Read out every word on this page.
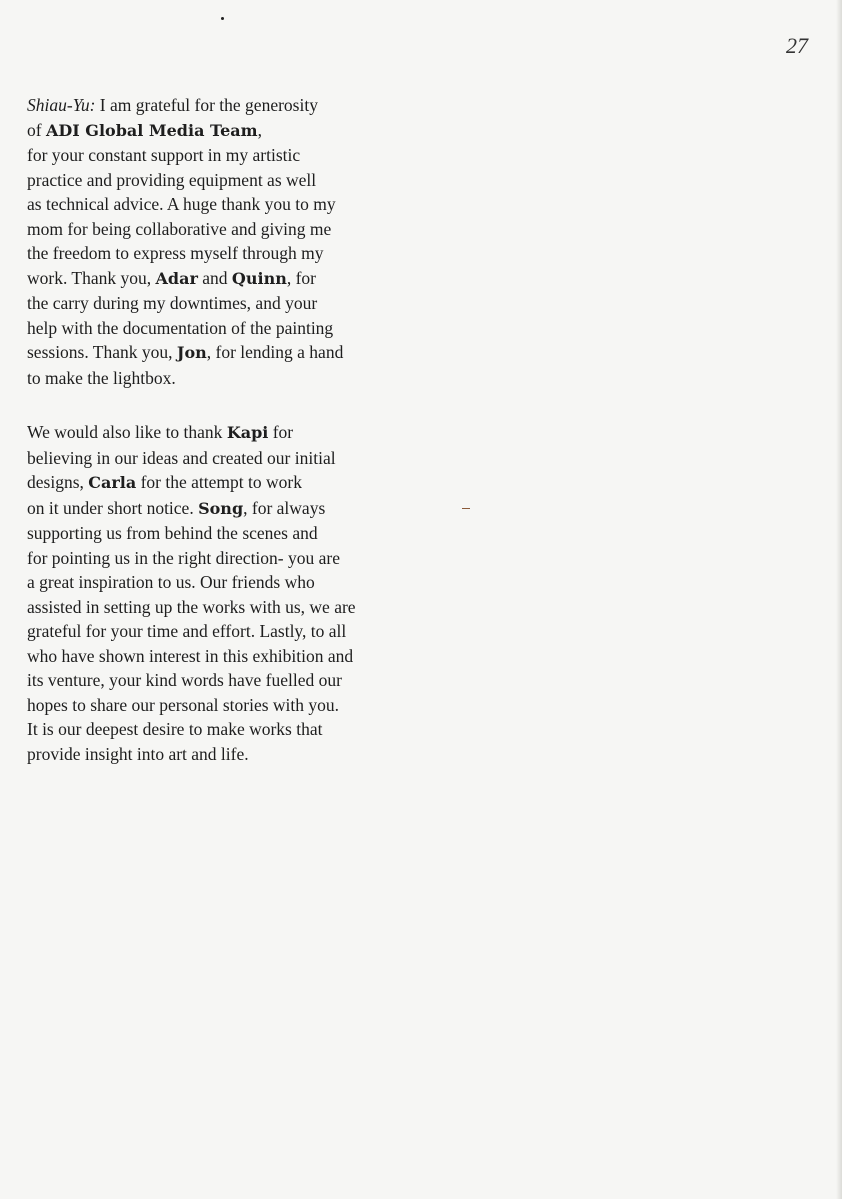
27
Shiau-Yu: I am grateful for the generosity
of ADI Global Media Team,
for your constant support in my artistic
practice and providing equipment as well
as technical advice. A huge thank you to my
mom for being collaborative and giving me
the freedom to express myself through my
work. Thank you, Adar and Quinn, for
the carry during my downtimes, and your
help with the documentation of the painting
sessions. Thank you, Jon, for lending a hand
to make the lightbox.
We would also like to thank Kapi for
believing in our ideas and created our initial
designs, Carla for the attempt to work
on it under short notice. Song, for always
supporting us from behind the scenes and
for pointing us in the right direction- you are
a great inspiration to us. Our friends who
assisted in setting up the works with us, we are
grateful for your time and effort. Lastly, to all
who have shown interest in this exhibition and
its venture, your kind words have fuelled our
hopes to share our personal stories with you.
It is our deepest desire to make works that
provide insight into art and life.
